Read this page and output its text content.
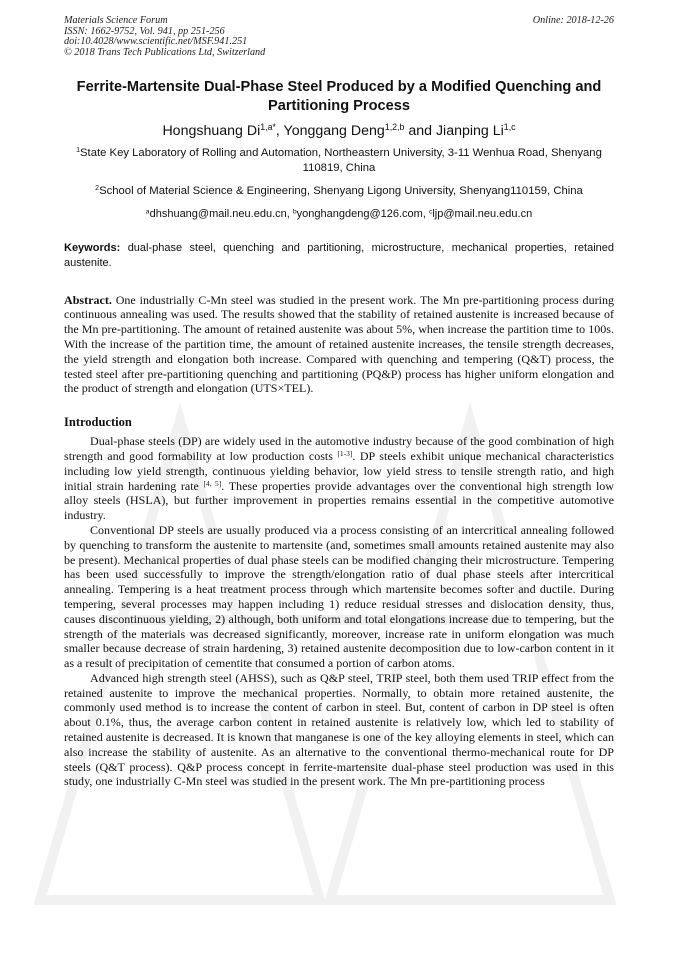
Materials Science Forum
ISSN: 1662-9752, Vol. 941, pp 251-256
doi:10.4028/www.scientific.net/MSF.941.251
© 2018 Trans Tech Publications Ltd, Switzerland
Online: 2018-12-26
Ferrite-Martensite Dual-Phase Steel Produced by a Modified Quenching and Partitioning Process
Hongshuang $Di^{1,a*}$, Yonggang Deng$^{1,2,b}$ and Jianping Li$^{1,c}$
$^1$State Key Laboratory of Rolling and Automation, Northeastern University, 3-11 Wenhua Road, Shenyang 110819, China
$^2$School of Material Science & Engineering, Shenyang Ligong University, Shenyang110159, China
$^a$dhshuang@mail.neu.edu.cn, $^b$yonghangdeng@126.com, $^c$ljp@mail.neu.edu.cn

Keywords: dual-phase steel, quenching and partitioning, microstructure, mechanical properties, retained austenite.

Abstract. One industrially C-Mn steel was studied in the present work. The Mn pre-partitioning process during continuous annealing was used. The results showed that the stability of retained austenite is increased because of the Mn pre-partitioning. The amount of retained austenite was about 5%, when increase the partition time to 100s. With the increase of the partition time, the amount of retained austenite increases, the tensile strength decreases, the yield strength and elongation both increase. Compared with quenching and tempering (Q&T) process, the tested steel after pre-partitioning quenching and partitioning (PQ&P) process has higher uniform elongation and the product of strength and elongation (UTS×TEL).

Introduction

Dual-phase steels (DP) are widely used in the automotive industry because of the good combination of high strength and good formability at low production costs [1-3]. DP steels exhibit unique mechanical characteristics including low yield strength, continuous yielding behavior, low yield stress to tensile strength ratio, and high initial strain hardening rate [4, 5]. These properties provide advantages over the conventional high strength low alloy steels (HSLA), but further improvement in properties remains essential in the competitive automotive industry.

Conventional DP steels are usually produced via a process consisting of an intercritical annealing followed by quenching to transform the austenite to martensite (and, sometimes small amounts retained austenite may also be present). Mechanical properties of dual phase steels can be modified changing their microstructure. Tempering has been used successfully to improve the strength/elongation ratio of dual phase steels after intercritical annealing. Tempering is a heat treatment process through which martensite becomes softer and ductile. During tempering, several processes may happen including 1) reduce residual stresses and dislocation density, thus, causes discontinuous yielding, 2) although, both uniform and total elongations increase due to tempering, but the strength of the materials was decreased significantly, moreover, increase rate in uniform elongation was much smaller because decrease of strain hardening, 3) retained austenite decomposition due to low-carbon content in it as a result of precipitation of cementite that consumed a portion of carbon atoms.

Advanced high strength steel (AHSS), such as Q&P steel, TRIP steel, both them used TRIP effect from the retained austenite to improve the mechanical properties. Normally, to obtain more retained austenite, the commonly used method is to increase the content of carbon in steel. But, content of carbon in DP steel is often about 0.1%, thus, the average carbon content in retained austenite is relatively low, which led to stability of retained austenite is decreased. It is known that manganese is one of the key alloying elements in steel, which can also increase the stability of austenite. As an alternative to the conventional thermo-mechanical route for DP steels (Q&T process). Q&P process concept in ferrite-martensite dual-phase steel production was used in this study, one industrially C-Mn steel was studied in the present work. The Mn pre-partitioning process
